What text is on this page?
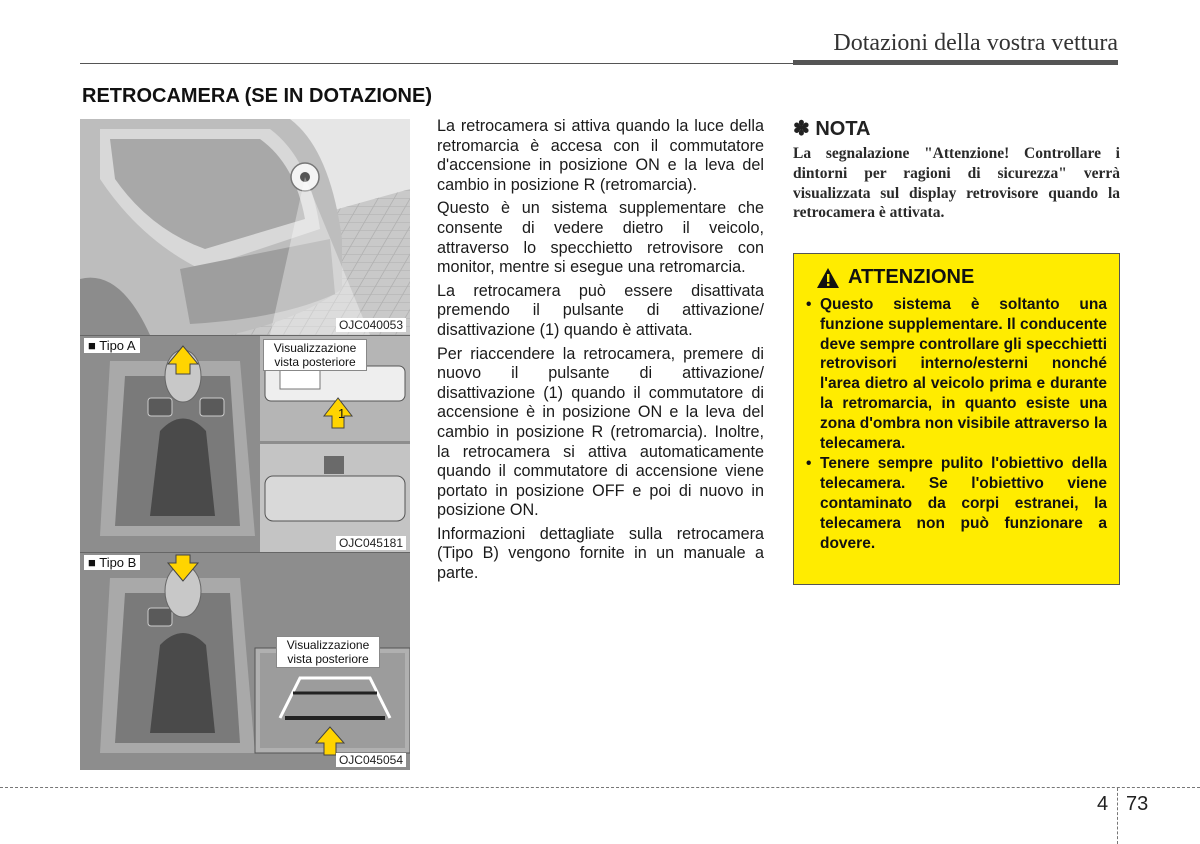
Dotazioni della vostra vettura
RETROCAMERA (SE IN DOTAZIONE)
OJC040053
■ Tipo A	Visualizzazione vista posteriore
1
OJC045181
■ Tipo B
Visualizzazione vista posteriore
OJC045054

La retrocamera si attiva quando la luce della retromarcia è accesa con il commutatore d'accensione in posizione ON e la leva del cambio in posizione R (retromarcia).

Questo è un sistema supplementare che consente di vedere dietro il veicolo, attraverso lo specchietto retrovisore con monitor, mentre si esegue una retromarcia.

La retrocamera può essere disattivata premendo il pulsante di attivazione/ disattivazione (1) quando è attivata.

Per riaccendere la retrocamera, premere di nuovo il pulsante di attivazione/ disattivazione (1) quando il commutatore di accensione è in posizione ON e la leva del cambio in posizione R (retromarcia). Inoltre, la retrocamera si attiva automaticamente quando il commutatore di accensione viene portato in posizione OFF e poi di nuovo in posizione ON.

Informazioni dettagliate sulla retrocamera (Tipo B) vengono fornite in un manuale a parte.

✽ NOTA
La segnalazione "Attenzione! Controllare i dintorni per ragioni di sicurezza" verrà visualizzata sul display retrovisore quando la retrocamera è attivata.
ATTENZIONE
• Questo sistema è soltanto una funzione supplementare. Il conducente deve sempre controllare gli specchietti retrovisori interno/esterni nonché l'area dietro al veicolo prima e durante la retromarcia, in quanto esiste una zona d'ombra non visibile attraverso la telecamera.
• Tenere sempre pulito l'obiettivo della telecamera. Se l'obiettivo viene contaminato da corpi estranei, la telecamera non può funzionare a dovere.
4 73
